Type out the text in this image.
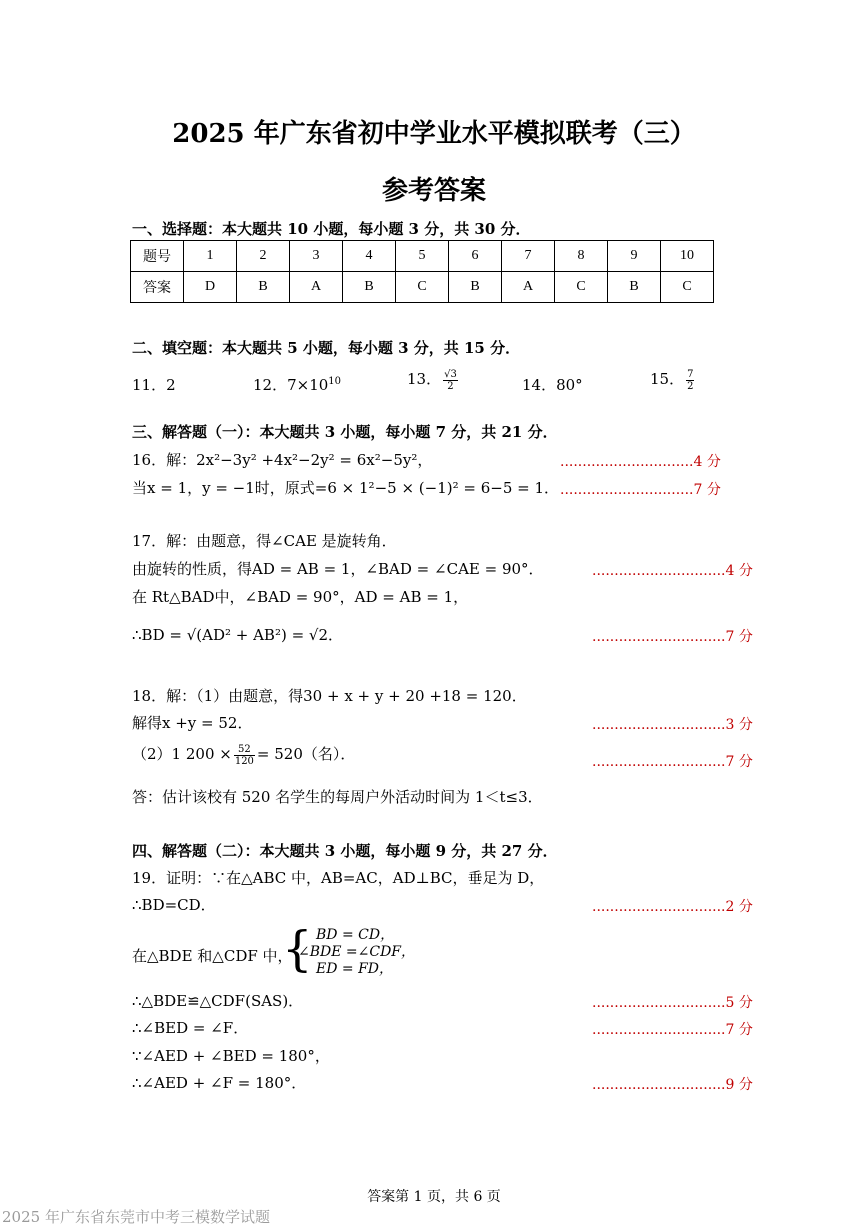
2025 年广东省初中学业水平模拟联考（三）
参考答案
一、选择题：本大题共 10 小题，每小题 3 分，共 30 分．
题号	1	2	3	4	5	6	7	8	9	10
答案	D	B	A	B	C	B	A	C	B	C
二、填空题：本大题共 5 小题，每小题 3 分，共 15 分．
11．2	12．$7\times 10^{10}$	13． $\frac{√3}{2}$	14．80°	15． $\frac{7}{2}$
三、解答题（一）：本大题共 3 小题，每小题 7 分，共 21 分．
16．解：2x²−3y² +4x²−2y² = 6x²−5y²，	..............................4 分
当x = 1，y = −1时，原式=6 × 1²−5 × (−1)² = 6−5 = 1． ..............................7 分
17．解：由题意，得∠CAE 是旋转角．
由旋转的性质，得AD = AB = 1，∠BAD = ∠CAE = 90°．	..............................4 分
在 Rt△BAD中，∠BAD = 90°，AD = AB = 1，
∴BD = √(AD² + AB²) = √2．	..............................7 分
18．解：（1）由题意，得30 + x + y + 20 +18 = 120．
解得x +y = 52．	..............................3 分
（2）1 $200 \times \frac{52}{120} = 520$（名）．	..............................7 分
答：估计该校有 520 名学生的每周户外活动时间为 1＜t≤3．
四、解答题（二）：本大题共 3 小题，每小题 9 分，共 27 分．
19．证明：∵在△ABC 中，AB=AC，AD⊥BC，垂足为 D，
∴BD=CD．	..............................2 分
在△BDE 和△CDF 中，
{ BD = CD，
∠BDE =∠CDF，
ED = FD，
∴△BDE≌△CDF(SAS)．	..............................5 分
∴∠BED = ∠F．	..............................7 分
∵∠AED + ∠BED = 180°，
∴∠AED + ∠F = 180°．	..............................9 分
答案第 1 页，共 6 页
2025 年广东省东莞市中考三模数学试题
